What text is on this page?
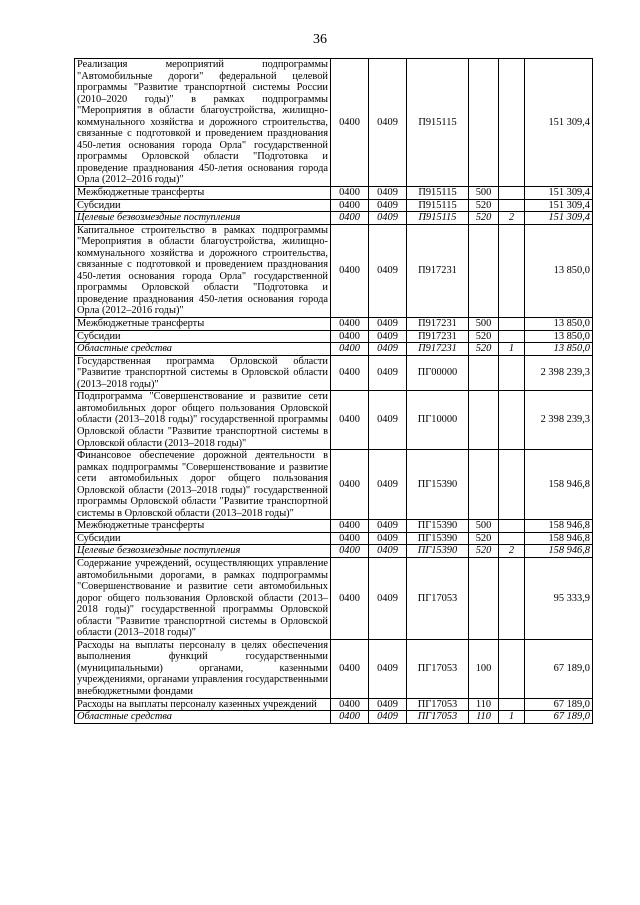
36
Реализация мероприятий подпрограммы "Автомобильные дороги" федеральной целевой программы "Развитие транспортной системы России (2010–2020 годы)" в рамках подпрограммы "Мероприятия в области благоустройства, жилищно-коммунального хозяйства и дорожного строительства, связанные с подготовкой и проведением празднования 450-летия основания города Орла" государственной программы Орловской области "Подготовка и проведение празднования 450-летия основания города Орла (2012–2016 годы)"	0400	0409	П915115			151 309,4
Межбюджетные трансферты	0400	0409	П915115	500		151 309,4
Субсидии	0400	0409	П915115	520		151 309,4
Целевые безвозмездные поступления	0400	0409	П915115	520	2	151 309,4
Капитальное строительство в рамках подпрограммы "Мероприятия в области благоустройства, жилищно-коммунального хозяйства и дорожного строительства, связанные с подготовкой и проведением празднования 450-летия основания города Орла" государственной программы Орловской области "Подготовка и проведение празднования 450-летия основания города Орла (2012–2016 годы)"	0400	0409	П917231			13 850,0
Межбюджетные трансферты	0400	0409	П917231	500		13 850,0
Субсидии	0400	0409	П917231	520		13 850,0
Областные средства	0400	0409	П917231	520	1	13 850,0
Государственная программа Орловской области "Развитие транспортной системы в Орловской области (2013–2018 годы)"	0400	0409	ПГ00000			2 398 239,3
Подпрограмма "Совершенствование и развитие сети автомобильных дорог общего пользования Орловской области (2013–2018 годы)" государственной программы Орловской области "Развитие транспортной системы в Орловской области (2013–2018 годы)"	0400	0409	ПГ10000			2 398 239,3
Финансовое обеспечение дорожной деятельности в рамках подпрограммы "Совершенствование и развитие сети автомобильных дорог общего пользования Орловской области (2013–2018 годы)" государственной программы Орловской области "Развитие транспортной системы в Орловской области (2013–2018 годы)"	0400	0409	ПГ15390			158 946,8
Межбюджетные трансферты	0400	0409	ПГ15390	500		158 946,8
Субсидии	0400	0409	ПГ15390	520		158 946,8
Целевые безвозмездные поступления	0400	0409	ПГ15390	520	2	158 946,8
Содержание учреждений, осуществляющих управление автомобильными дорогами, в рамках подпрограммы "Совершенствование и развитие сети автомобильных дорог общего пользования Орловской области (2013–2018 годы)" государственной программы Орловской области "Развитие транспортной системы в Орловской области (2013–2018 годы)"	0400	0409	ПГ17053			95 333,9
Расходы на выплаты персоналу в целях обеспечения выполнения функций государственными (муниципальными) органами, казенными учреждениями, органами управления государственными внебюджетными фондами	0400	0409	ПГ17053	100		67 189,0
Расходы на выплаты персоналу казенных учреждений	0400	0409	ПГ17053	110		67 189,0
Областные средства	0400	0409	ПГ17053	110	1	67 189,0
